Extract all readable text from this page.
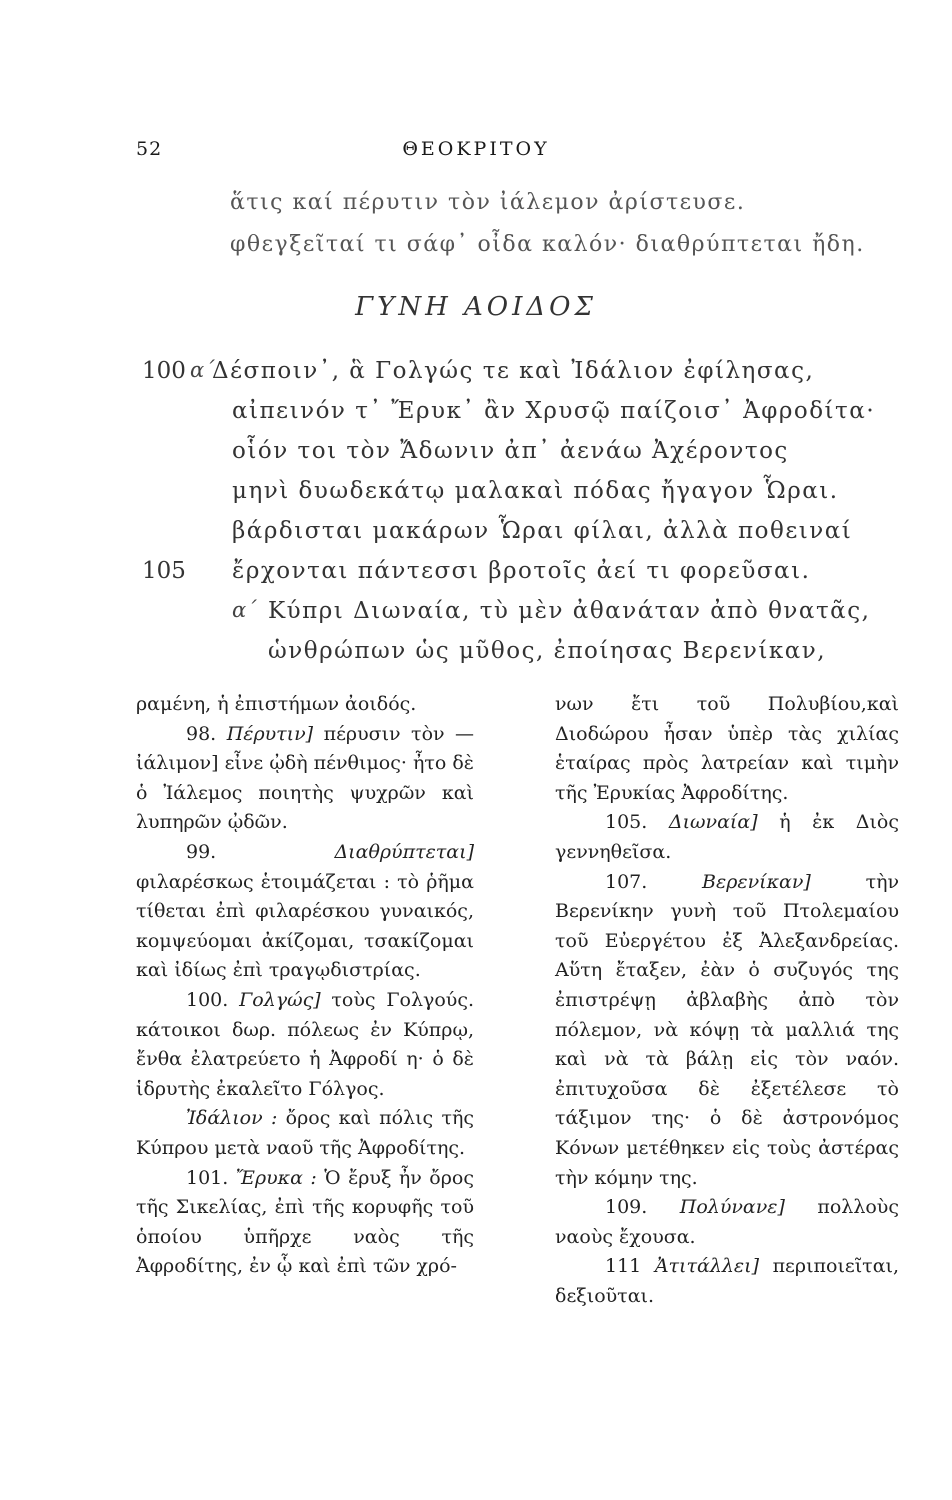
52	ΘΕΟΚΡΙΤΟΥ
ἅτις καί πέρυτιν τὸν ἰάλεμον ἀρίστευσε.
φθεγξεῖταί τι σάφ᾽ οἶδα καλόν· διαθρύπτεται ἤδη.
ΓΥΝΗ ΑΟΙΔΟΣ
100 α΄
Δέσποιν᾽, ἃ Γολγώς τε καὶ Ἰδάλιον ἐφίλησας,
αἰπεινόν τ᾽ Ἔρυκ᾽ ἂν Χρυσῷ παίζοισ᾽ Ἀφροδίτα·
οἷόν τοι τὸν Ἄδωνιν ἀπ᾽ ἀενάω Ἀχέροντος
μηνὶ δυωδεκάτῳ μαλακαὶ πόδας ἤγαγον Ὧραι.
βάρδισται μακάρων Ὧραι φίλαι, ἀλλὰ ποθειναί
105 ἔρχονται πάντεσσι βροτοῖς ἀεί τι φορεῦσαι.
α΄ Κύπρι Διωναία, τὺ μὲν ἀθανάταν ἀπὸ θνατᾶς,
ὡνθρώπων ὡς μῦθος, ἐποίησας Βερενίκαν,

ραμένη, ἡ ἐπιστήμων ἀοιδός.

98. Πέρυτιν] πέρυσιν τὸν — ἰάλιμον] εἶνε ᾠδὴ πένθιμος· ἦτο δὲ ὁ Ἰάλεμος ποιητὴς ψυχρῶν καὶ λυπηρῶν ᾠδῶν.

99.	Διαθρύπτεται] φιλαρέσκως ἑτοιμάζεται : τὸ ῥῆμα τίθεται ἐπὶ φιλαρέσκου γυναικός, κομψεύομαι ἀκίζομαι, τσακίζομαι καὶ ἰδίως ἐπὶ τραγῳδιστρίας.

100. Γολγώς] τοὺς Γολγούς. κάτοικοι δωρ. πόλεως ἐν Κύπρῳ, ἔνθα ἐλατρεύετο ἡ Ἀφροδί η· ὁ δὲ ἱδρυτὴς ἐκαλεῖτο Γόλγος.

Ἰδάλιον : ὄρος καὶ πόλις τῆς Κύπρου μετὰ ναοῦ τῆς Ἀφροδίτης.

101. Ἔρυκα : Ὁ ἔρυξ ἦν ὄρος τῆς Σικελίας, ἐπὶ τῆς κορυφῆς τοῦ ὁποίου ὑπῆρχε ναὸς τῆς Ἀφροδίτης, ἐν ᾧ καὶ ἐπὶ τῶν χρό-

νων ἔτι τοῦ Πολυβίου,καὶ Διοδώρου ἦσαν ὑπὲρ τὰς χιλίας ἑταίρας πρὸς λατρείαν καὶ τιμὴν τῆς Ἐρυκίας Ἀφροδίτης.

105. Διωναία] ἡ ἐκ Διὸς γεννηθεῖσα.

107.	Βερενίκαν]	τὴν Βερενίκην γυνὴ τοῦ Πτολεμαίου τοῦ Εὐεργέτου ἐξ Ἀλεξανδρείας. Αὕτη ἔταξεν, ἐὰν ὁ συζυγός της ἐπιστρέψῃ ἀβλαβὴς ἀπὸ τὸν πόλεμον, νὰ κόψῃ τὰ μαλλιά της καὶ νὰ τὰ βάλῃ εἰς τὸν ναόν. ἐπιτυχοῦσα δὲ ἐξετέλεσε τὸ τάξιμον της· ὁ δὲ ἀστρονόμος Κόνων μετέθηκεν εἰς τοὺς ἀστέρας τὴν κόμην της.

109. Πολύνανε] πολλοὺς ναοὺς ἔχουσα.

111 Ἀτιτάλλει] περιποιεῖται, δεξιοῦται.
